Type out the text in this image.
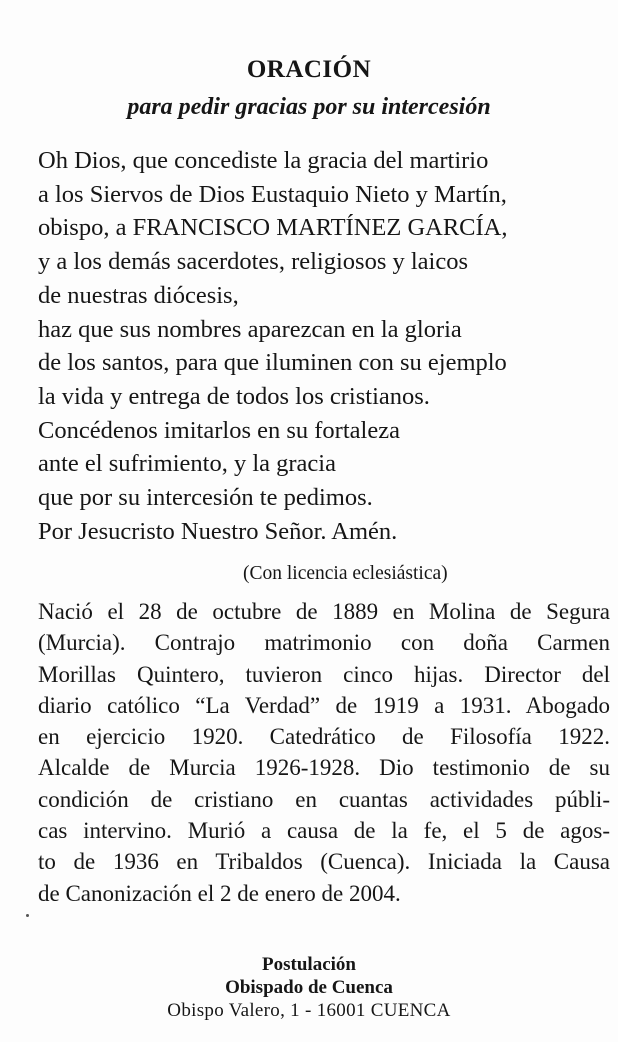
ORACIÓN
para pedir gracias por su intercesión

Oh Dios, que concediste la gracia del martirio
a los Siervos de Dios Eustaquio Nieto y Martín,
obispo, a FRANCISCO MARTÍNEZ GARCÍA,
y a los demás sacerdotes, religiosos y laicos
de nuestras diócesis,
haz que sus nombres aparezcan en la gloria
de los santos, para que iluminen con su ejemplo
la vida y entrega de todos los cristianos.
Concédenos imitarlos en su fortaleza
ante el sufrimiento, y la gracia
que por su intercesión te pedimos.
Por Jesucristo Nuestro Señor. Amén.

(Con licencia eclesiástica)

Nació el 28 de octubre de 1889 en Molina de Segura
(Murcia). Contrajo matrimonio con doña Carmen
Morillas Quintero, tuvieron cinco hijas. Director del
diario católico “La Verdad” de 1919 a 1931. Abogado
en ejercicio 1920. Catedrático de Filosofía 1922.
Alcalde de Murcia 1926-1928. Dio testimonio de su
condición de cristiano en cuantas actividades públi-
cas intervino. Murió a causa de la fe, el 5 de agos-
to de 1936 en Tribaldos (Cuenca). Iniciada la Causa
de Canonización el 2 de enero de 2004.

Postulación
Obispado de Cuenca
Obispo Valero, 1 - 16001 CUENCA
